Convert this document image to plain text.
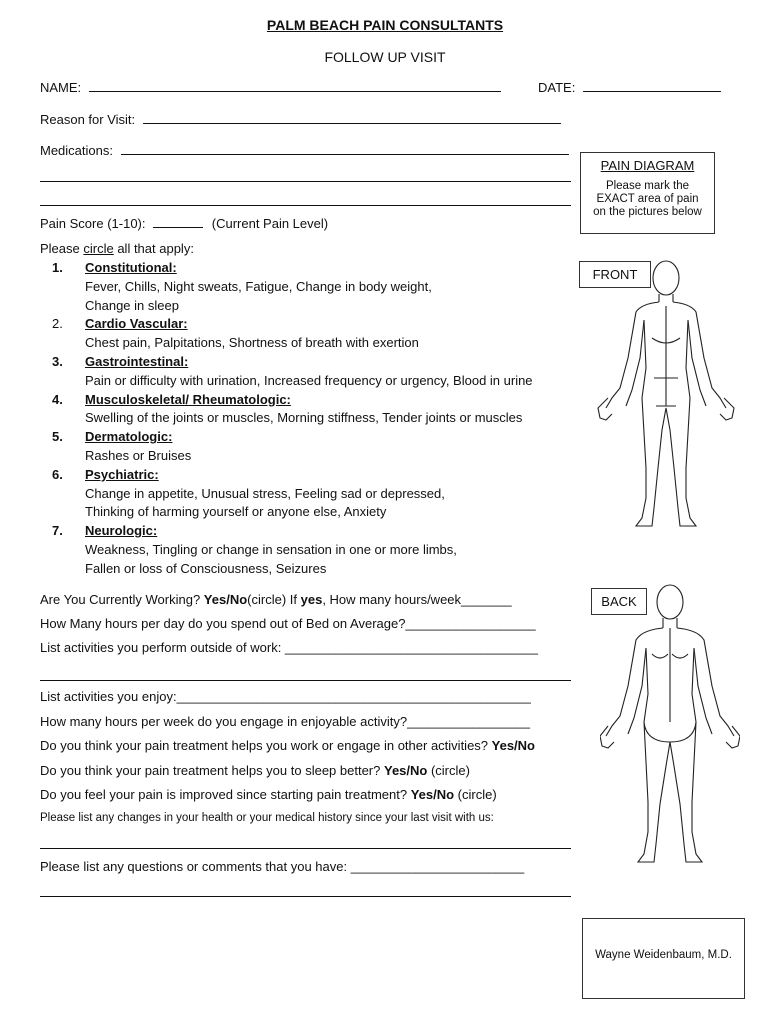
PALM BEACH PAIN CONSULTANTS
FOLLOW UP VISIT
NAME:	DATE:
Reason for Visit:
Medications:
Pain Score (1-10):	(Current Pain Level)
Please circle all that apply:
1. Constitutional:
Fever, Chills, Night sweats, Fatigue, Change in body weight,
Change in sleep
2. Cardio Vascular:
Chest pain, Palpitations, Shortness of breath with exertion
3. Gastrointestinal:
Pain or difficulty with urination, Increased frequency or urgency, Blood in urine
4. Musculoskeletal/ Rheumatologic:
Swelling of the joints or muscles, Morning stiffness, Tender joints or muscles
5. Dermatologic:
Rashes or Bruises
6. Psychiatric:
Change in appetite, Unusual stress, Feeling sad or depressed,
Thinking of harming yourself or anyone else, Anxiety
7. Neurologic:
Weakness, Tingling or change in sensation in one or more limbs,
Fallen or loss of Consciousness, Seizures
Are You Currently Working? Yes/No(circle) If yes, How many hours/week_______
How Many hours per day do you spend out of Bed on Average?__________________
List activities you perform outside of work: ___________________________________
List activities you enjoy:_________________________________________________
How many hours per week do you engage in enjoyable activity?_________________
Do you think your pain treatment helps you work or engage in other activities? Yes/No
Do you think your pain treatment helps you to sleep better? Yes/No (circle)
Do you feel your pain is improved since starting pain treatment? Yes/No (circle)
Please list any changes in your health or your medical history since your last visit with us:
Please list any questions or comments that you have: ________________________
PAIN DIAGRAM
Please mark the
EXACT area of pain
on the pictures below
FRONT
BACK
Wayne Weidenbaum, M.D.
